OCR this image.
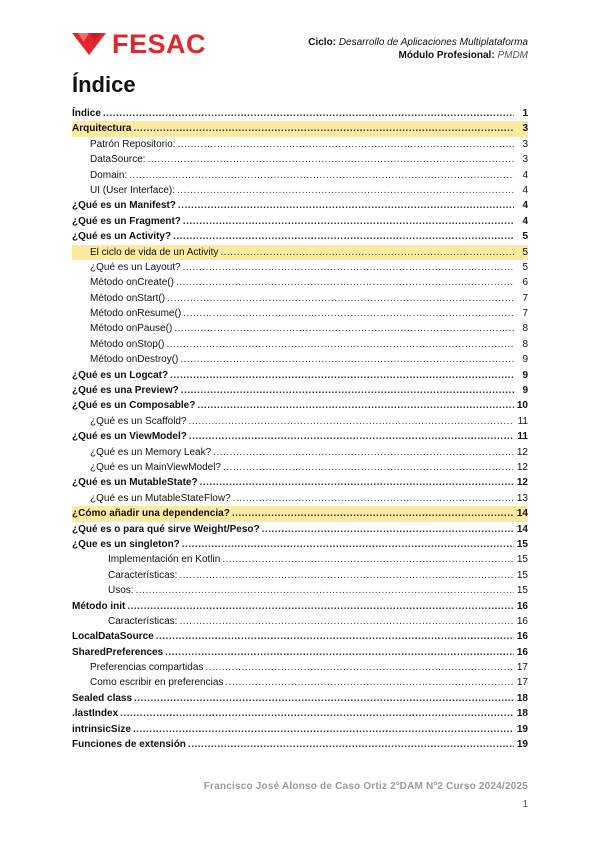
FESAC	Ciclo: Desarrollo de Aplicaciones Multiplataforma
Módulo Profesional: PMDM
Índice
Índice .....	1
Arquitectura .....	3
Patrón Repositorio: .....	3
DataSource: .....	3
Domain: .....	4
UI (User Interface): .....	4
¿Qué es un Manifest? .....	4
¿Qué es un Fragment? .....	4
¿Qué es un Activity? .....	5
El ciclo de vida de un Activity .....	5
¿Qué es un Layout? .....	5
Método onCreate() .....	6
Método onStart() .....	7
Método onResume() .....	7
Método onPause() .....	8
Método onStop() .....	8
Método onDestroy() .....	9
¿Qué es un Logcat? .....	9
¿Qué es una Preview? .....	9
¿Qué es un Composable? .....	10
¿Qué es un Scaffold? .....	11
¿Qué es un ViewModel? .....	11
¿Qué es un Memory Leak? .....	12
¿Qué es un MainViewModel? .....	12
¿Qué es un MutableState? .....	12
¿Qué es un MutableStateFlow? .....	13
¿Cómo añadir una dependencia? .....	14
¿Qué es o para qué sirve Weight/Peso? .....	14
¿Que es un singleton? .....	15
Implementación en Kotlin .....	15
Características: .....	15
Usos: .....	15
Método init .....	16
Características: .....	16
LocalDataSource .....	16
SharedPreferences .....	16
Preferencias compartidas .....	17
Como escribir en preferencias .....	17
Sealed class .....	18
.lastIndex .....	18
intrinsicSize .....	19
Funciones de extensión .....	19
Francisco José Alonso de Caso Ortiz 2ºDAM Nº2 Curso 2024/2025
1
